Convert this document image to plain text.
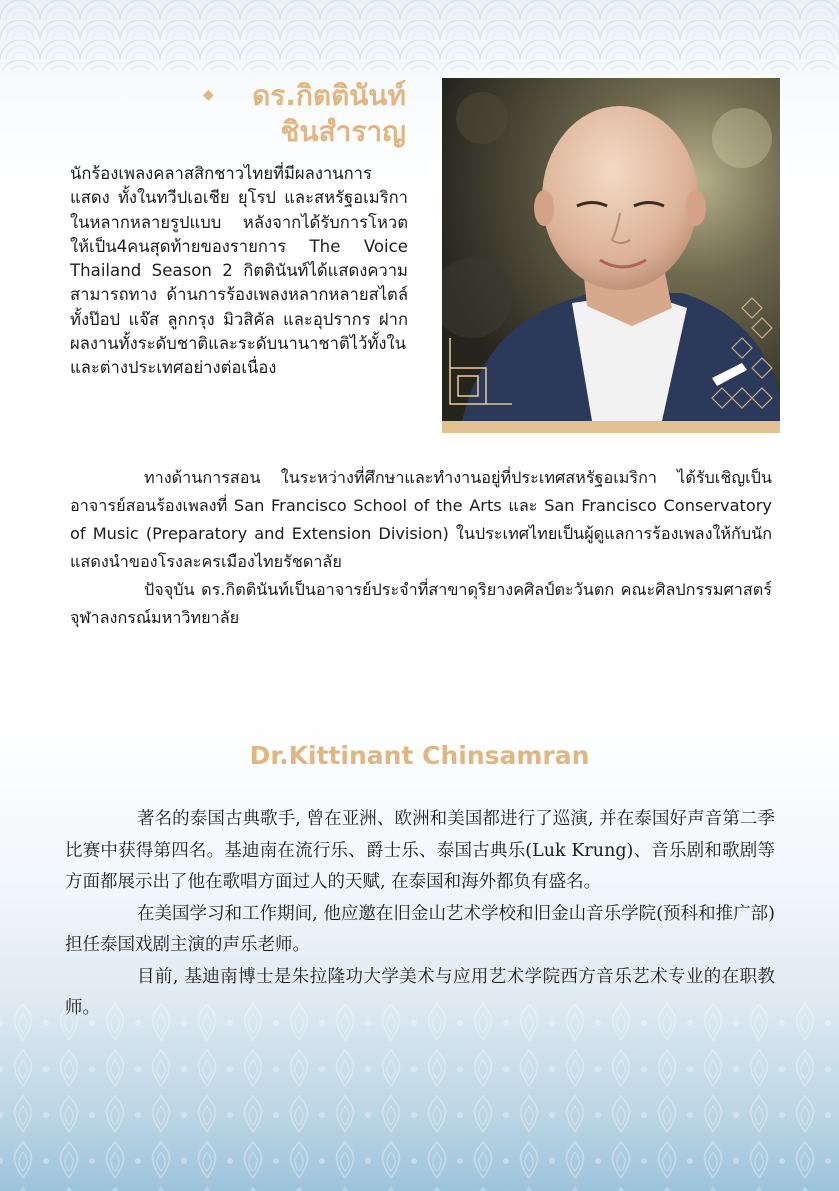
◆	ดร.กิตตินันท์
ชินสำราญ
นักร้องเพลงคลาสสิกชาวไทยที่มีผลงานการแสดง ทั้งในทวีปเอเชีย ยุโรป และสหรัฐอเมริกาในหลากหลายรูปแบบ หลังจากได้รับการโหวตให้เป็น4คนสุดท้ายของรายการ The Voice Thailand Season 2 กิตตินันท์ได้แสดงความสามารถทาง ด้านการร้องเพลงหลากหลายสไตล์ทั้งป๊อป แจ๊ส ลูกกรุง มิวสิคัล และอุปรากร ฝากผลงานทั้งระดับชาติและระดับนานาชาติไว้ทั้งในและต่างประเทศอย่างต่อเนื่อง

ทางด้านการสอน ในระหว่างที่ศึกษาและทำงานอยู่ที่ประเทศสหรัฐอเมริกา ได้รับเชิญเป็นอาจารย์สอนร้องเพลงที่ San Francisco School of the Arts และ San Francisco Conservatory of Music (Preparatory and Extension Division) ในประเทศไทยเป็นผู้ดูแลการร้องเพลงให้กับนักแสดงนำของโรงละครเมืองไทยรัชดาลัย

ปัจจุบัน ดร.กิตตินันท์เป็นอาจารย์ประจำที่สาขาดุริยางคศิลป์ตะวันตก คณะศิลปกรรมศาสตร์ จุฬาลงกรณ์มหาวิทยาลัย

Dr.Kittinant Chinsamran

著名的泰国古典歌手, 曾在亚洲、欧洲和美国都进行了巡演, 并在泰国好声音第二季比赛中获得第四名。基迪南在流行乐、爵士乐、泰国古典乐(Luk Krung)、音乐剧和歌剧等方面都展示出了他在歌唱方面过人的天赋, 在泰国和海外都负有盛名。

在美国学习和工作期间, 他应邀在旧金山艺术学校和旧金山音乐学院(预科和推广部) 担任泰国戏剧主演的声乐老师。

目前, 基迪南博士是朱拉隆功大学美术与应用艺术学院西方音乐艺术专业的在职教师。
